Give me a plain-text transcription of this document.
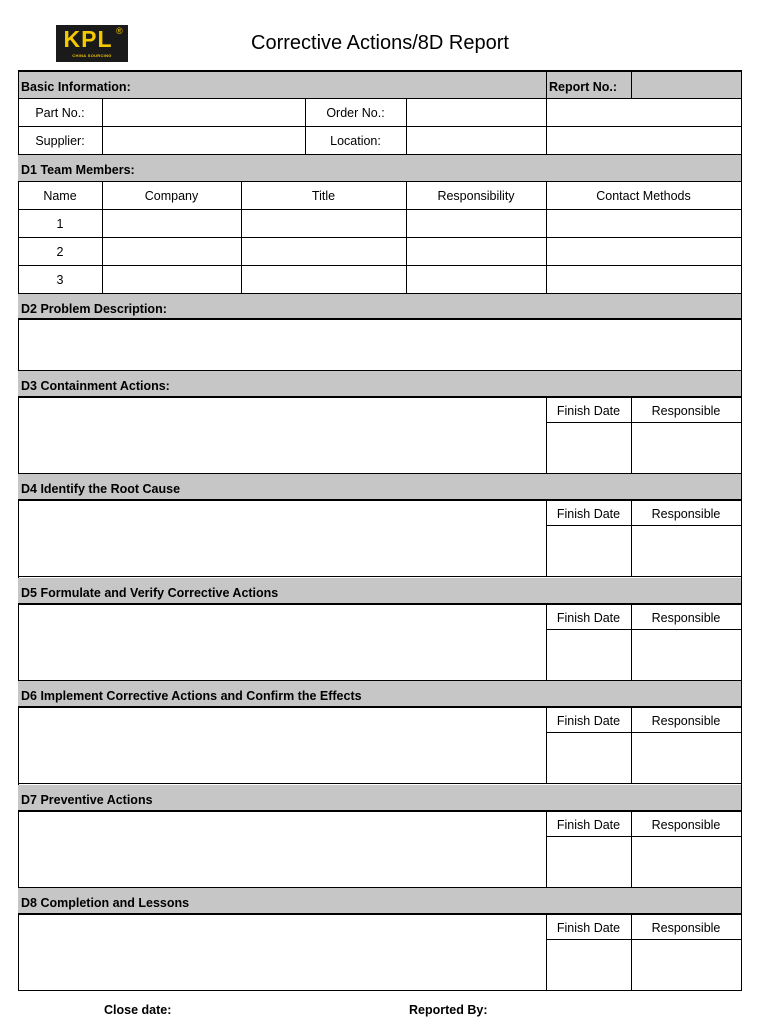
KPL ®
CHINA SOURCING
Corrective Actions/8D Report
Basic Information:	Report No.:
Part No.:	Order No.:
Supplier:	Location:
D1 Team Members:
Name	Company	Title	Responsibility	Contact Methods
1
2
3
D2 Problem Description:
D3 Containment Actions:
Finish Date	Responsible
D4 Identify the Root Cause
Finish Date	Responsible
D5 Formulate and Verify Corrective Actions
Finish Date	Responsible
D6 Implement Corrective Actions and Confirm the Effects
Finish Date	Responsible
D7 Preventive Actions
Finish Date	Responsible
D8 Completion and Lessons
Finish Date	Responsible
Close date:	Reported By:
